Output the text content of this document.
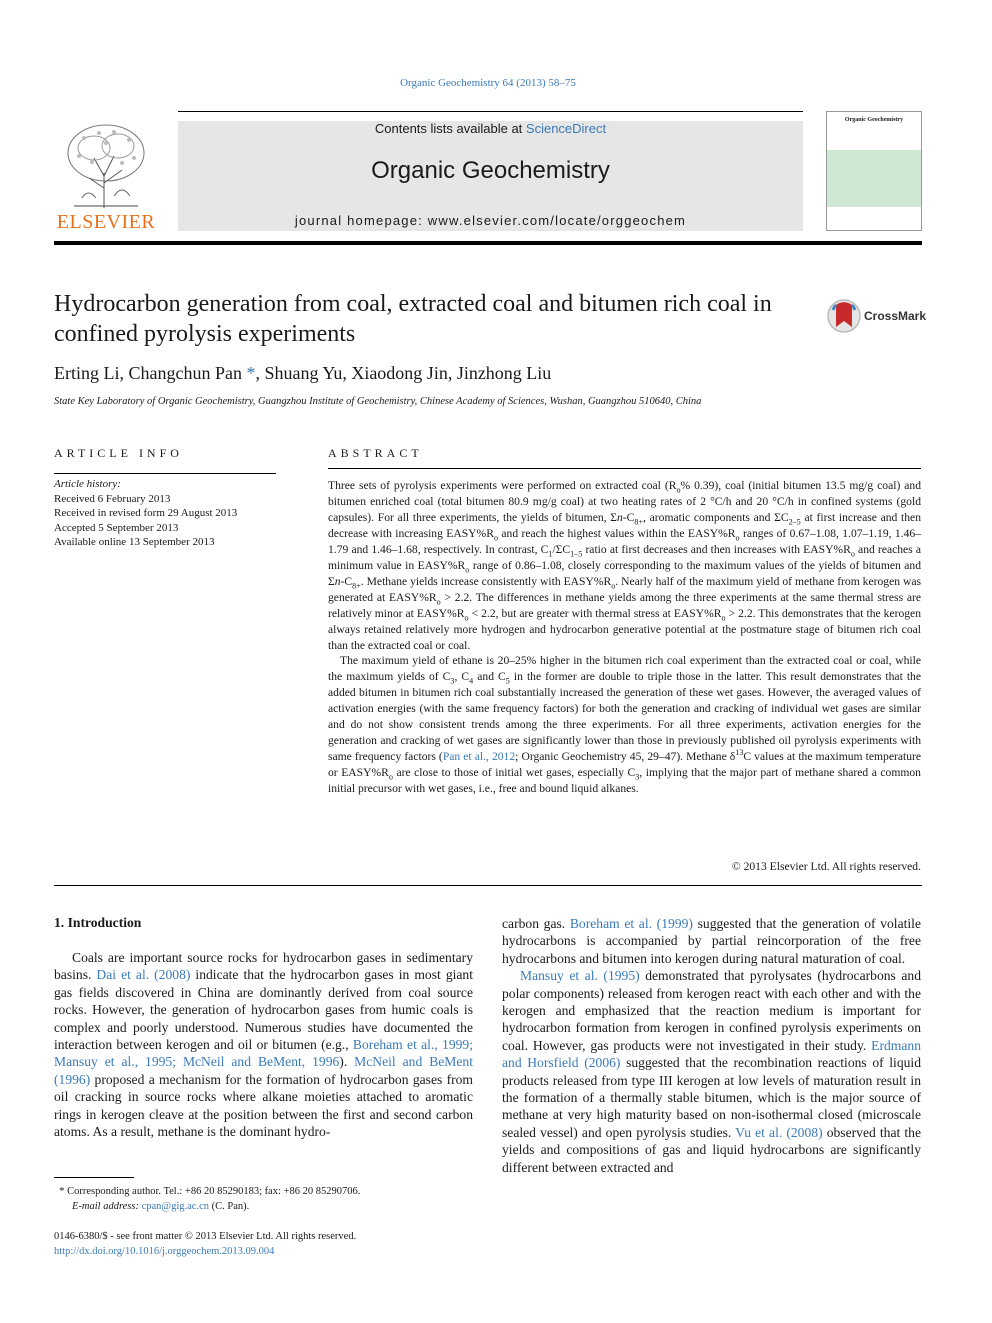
Organic Geochemistry 64 (2013) 58–75
ELSEVIER
Contents lists available at ScienceDirect
Organic Geochemistry
journal homepage: www.elsevier.com/locate/orggeochem
Organic Geochemistry
Hydrocarbon generation from coal, extracted coal and bitumen rich coal in confined pyrolysis experiments
CrossMark
Erting Li, Changchun Pan *, Shuang Yu, Xiaodong Jin, Jinzhong Liu
State Key Laboratory of Organic Geochemistry, Guangzhou Institute of Geochemistry, Chinese Academy of Sciences, Wushan, Guangzhou 510640, China
ARTICLE INFO
Article history:
Received 6 February 2013
Received in revised form 29 August 2013
Accepted 5 September 2013
Available online 13 September 2013
ABSTRACT

Three sets of pyrolysis experiments were performed on extracted coal ($R_o\%$ 0.39), coal (initial bitumen 13.5 mg/g coal) and bitumen enriched coal (total bitumen 80.9 mg/g coal) at two heating rates of 2 °C/h and 20 °C/h in confined systems (gold capsules). For all three experiments, the yields of bitumen, $\Sigma n-C_{8+}$, aromatic components and $\Sigma C_{2-5}$ at first increase and then decrease with increasing $EASY\%R_o$ and reach the highest values within the $EASY\%R_o$ ranges of 0.67–1.08, 1.07–1.19, 1.46–1.79 and 1.46–1.68, respectively. In contrast, $C_1/\Sigma C_{1-5}$ ratio at first decreases and then increases with $EASY\%R_o$ and reaches a minimum value in $EASY\%R_o$ range of 0.86–1.08, closely corresponding to the maximum values of the yields of bitumen and $\Sigma n-C_{8+}$. Methane yields increase consistently with $EASY\%R_o$. Nearly half of the maximum yield of methane from kerogen was generated at $EASY\%R_o > 2.2$. The differences in methane yields among the three experiments at the same thermal stress are relatively minor at $EASY\%R_o < 2.2$, but are greater with thermal stress at $EASY\%R_o > 2.2$. This demonstrates that the kerogen always retained relatively more hydrogen and hydrocarbon generative potential at the postmature stage of bitumen rich coal than the extracted coal or coal.

The maximum yield of ethane is 20–25% higher in the bitumen rich coal experiment than the extracted coal or coal, while the maximum yields of $C_3$, $C_4$ and $C_5$ in the former are double to triple those in the latter. This result demonstrates that the added bitumen in bitumen rich coal substantially increased the generation of these wet gases. However, the averaged values of activation energies (with the same frequency factors) for both the generation and cracking of individual wet gases are similar and do not show consistent trends among the three experiments. For all three experiments, activation energies for the generation and cracking of wet gases are significantly lower than those in previously published oil pyrolysis experiments with same frequency factors (Pan et al., 2012; Organic Geochemistry 45, 29–47). Methane $\delta^{13}C$ values at the maximum temperature or $EASY\%R_o$ are close to those of initial wet gases, especially $C_3$, implying that the major part of methane shared a common initial precursor with wet gases, i.e., free and bound liquid alkanes.

© 2013 Elsevier Ltd. All rights reserved.
1. Introduction

Coals are important source rocks for hydrocarbon gases in sedimentary basins. Dai et al. (2008) indicate that the hydrocarbon gases in most giant gas fields discovered in China are dominantly derived from coal source rocks. However, the generation of hydrocarbon gases from humic coals is complex and poorly understood. Numerous studies have documented the interaction between kerogen and oil or bitumen (e.g., Boreham et al., 1999; Mansuy et al., 1995; McNeil and BeMent, 1996). McNeil and BeMent (1996) proposed a mechanism for the formation of hydrocarbon gases from oil cracking in source rocks where alkane moieties attached to aromatic rings in kerogen cleave at the position between the first and second carbon atoms. As a result, methane is the dominant hydro-

carbon gas. Boreham et al. (1999) suggested that the generation of volatile hydrocarbons is accompanied by partial reincorporation of the free hydrocarbons and bitumen into kerogen during natural maturation of coal.

Mansuy et al. (1995) demonstrated that pyrolysates (hydrocarbons and polar components) released from kerogen react with each other and with the kerogen and emphasized that the reaction medium is important for hydrocarbon formation from kerogen in confined pyrolysis experiments on coal. However, gas products were not investigated in their study. Erdmann and Horsfield (2006) suggested that the recombination reactions of liquid products released from type III kerogen at low levels of maturation result in the formation of a thermally stable bitumen, which is the major source of methane at very high maturity based on non-isothermal closed (microscale sealed vessel) and open pyrolysis studies. Vu et al. (2008) observed that the yields and compositions of gas and liquid hydrocarbons are significantly different between extracted and

* Corresponding author. Tel.: +86 20 85290183; fax: +86 20 85290706.
E-mail address: cpan@gig.ac.cn (C. Pan).
0146-6380/$ - see front matter © 2013 Elsevier Ltd. All rights reserved.
http://dx.doi.org/10.1016/j.orggeochem.2013.09.004
